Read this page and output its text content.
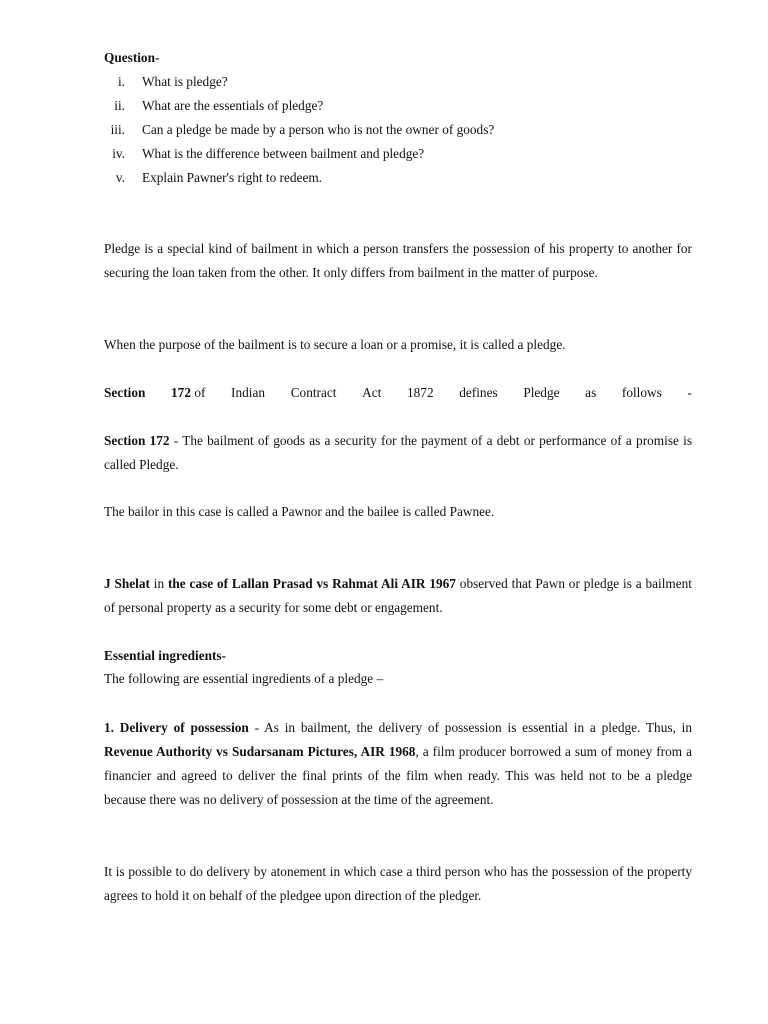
Question-
i. What is pledge?
ii. What are the essentials of pledge?
iii. Can a pledge be made by a person who is not the owner of goods?
iv. What is the difference between bailment and pledge?
v. Explain Pawner's right to redeem.
Pledge is a special kind of bailment in which a person transfers the possession of his property to another for securing the loan taken from the other. It only differs from bailment in the matter of purpose.
When the purpose of the bailment is to secure a loan or a promise, it is called a pledge.
Section 172 of Indian Contract Act 1872 defines Pledge as follows -
Section 172 - The bailment of goods as a security for the payment of a debt or performance of a promise is called Pledge.
The bailor in this case is called a Pawnor and the bailee is called Pawnee.
J Shelat in the case of Lallan Prasad vs Rahmat Ali AIR 1967 observed that Pawn or pledge is a bailment of personal property as a security for some debt or engagement.
Essential ingredients-
The following are essential ingredients of a pledge –
1. Delivery of possession - As in bailment, the delivery of possession is essential in a pledge. Thus, in Revenue Authority vs Sudarsanam Pictures, AIR 1968, a film producer borrowed a sum of money from a financier and agreed to deliver the final prints of the film when ready. This was held not to be a pledge because there was no delivery of possession at the time of the agreement.
It is possible to do delivery by atonement in which case a third person who has the possession of the property agrees to hold it on behalf of the pledgee upon direction of the pledger.
